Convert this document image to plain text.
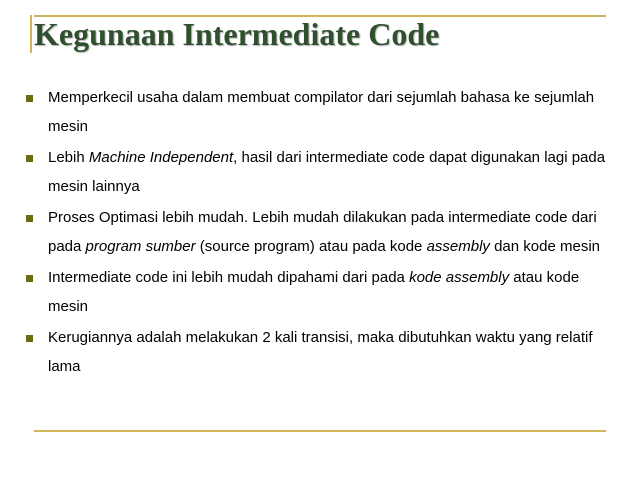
Kegunaan Intermediate Code
Memperkecil usaha dalam membuat compilator dari sejumlah bahasa ke sejumlah mesin
Lebih Machine Independent, hasil dari intermediate code dapat digunakan lagi pada mesin lainnya
Proses Optimasi lebih mudah. Lebih mudah dilakukan pada intermediate code dari pada program sumber (source program) atau pada kode assembly dan kode mesin
Intermediate code ini lebih mudah dipahami dari pada kode assembly atau kode mesin
Kerugiannya adalah melakukan 2 kali transisi, maka dibutuhkan waktu yang relatif lama
